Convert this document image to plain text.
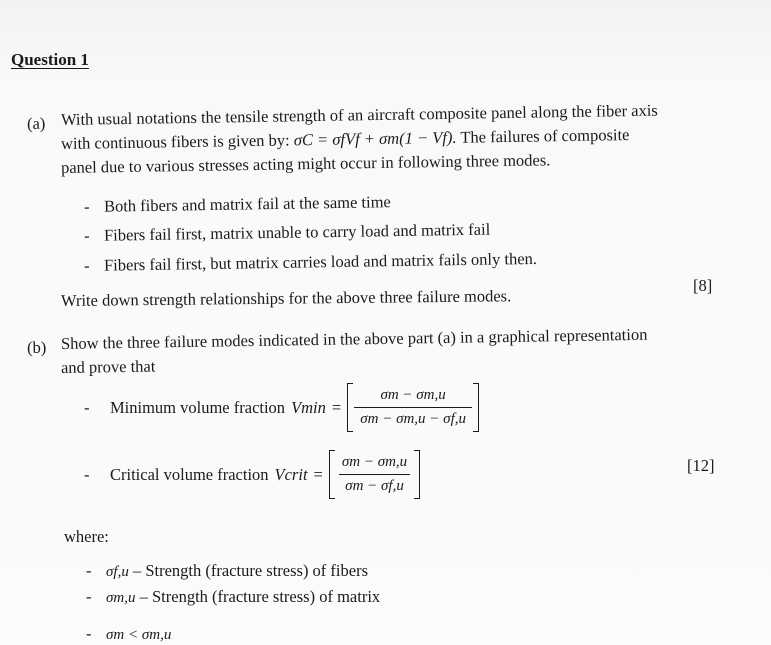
Question 1
(a) With usual notations the tensile strength of an aircraft composite panel along the fiber axis
with continuous fibers is given by: σC = σfVf + σm(1 − Vf). The failures of composite
panel due to various stresses acting might occur in following three modes.
- Both fibers and matrix fail at the same time
- Fibers fail first, matrix unable to carry load and matrix fail
- Fibers fail first, but matrix carries load and matrix fails only then.
Write down strength relationships for the above three failure modes.
[8]
(b) Show the three failure modes indicated in the above part (a) in a graphical representation
and prove that
-	Minimum volume fraction $Vmin = \frac{\sigma m - \sigma m,u}{\sigma m - \sigma m,u - \sigma f,u}$
-	Critical volume fraction Vcrit = $\frac{\sigma m - \sigma m,u}{\sigma m - \sigma f,u}$	[12]
where:
- σf,u – Strength (fracture stress) of fibers
- σm,u – Strength (fracture stress) of matrix
- σm < σm,u
